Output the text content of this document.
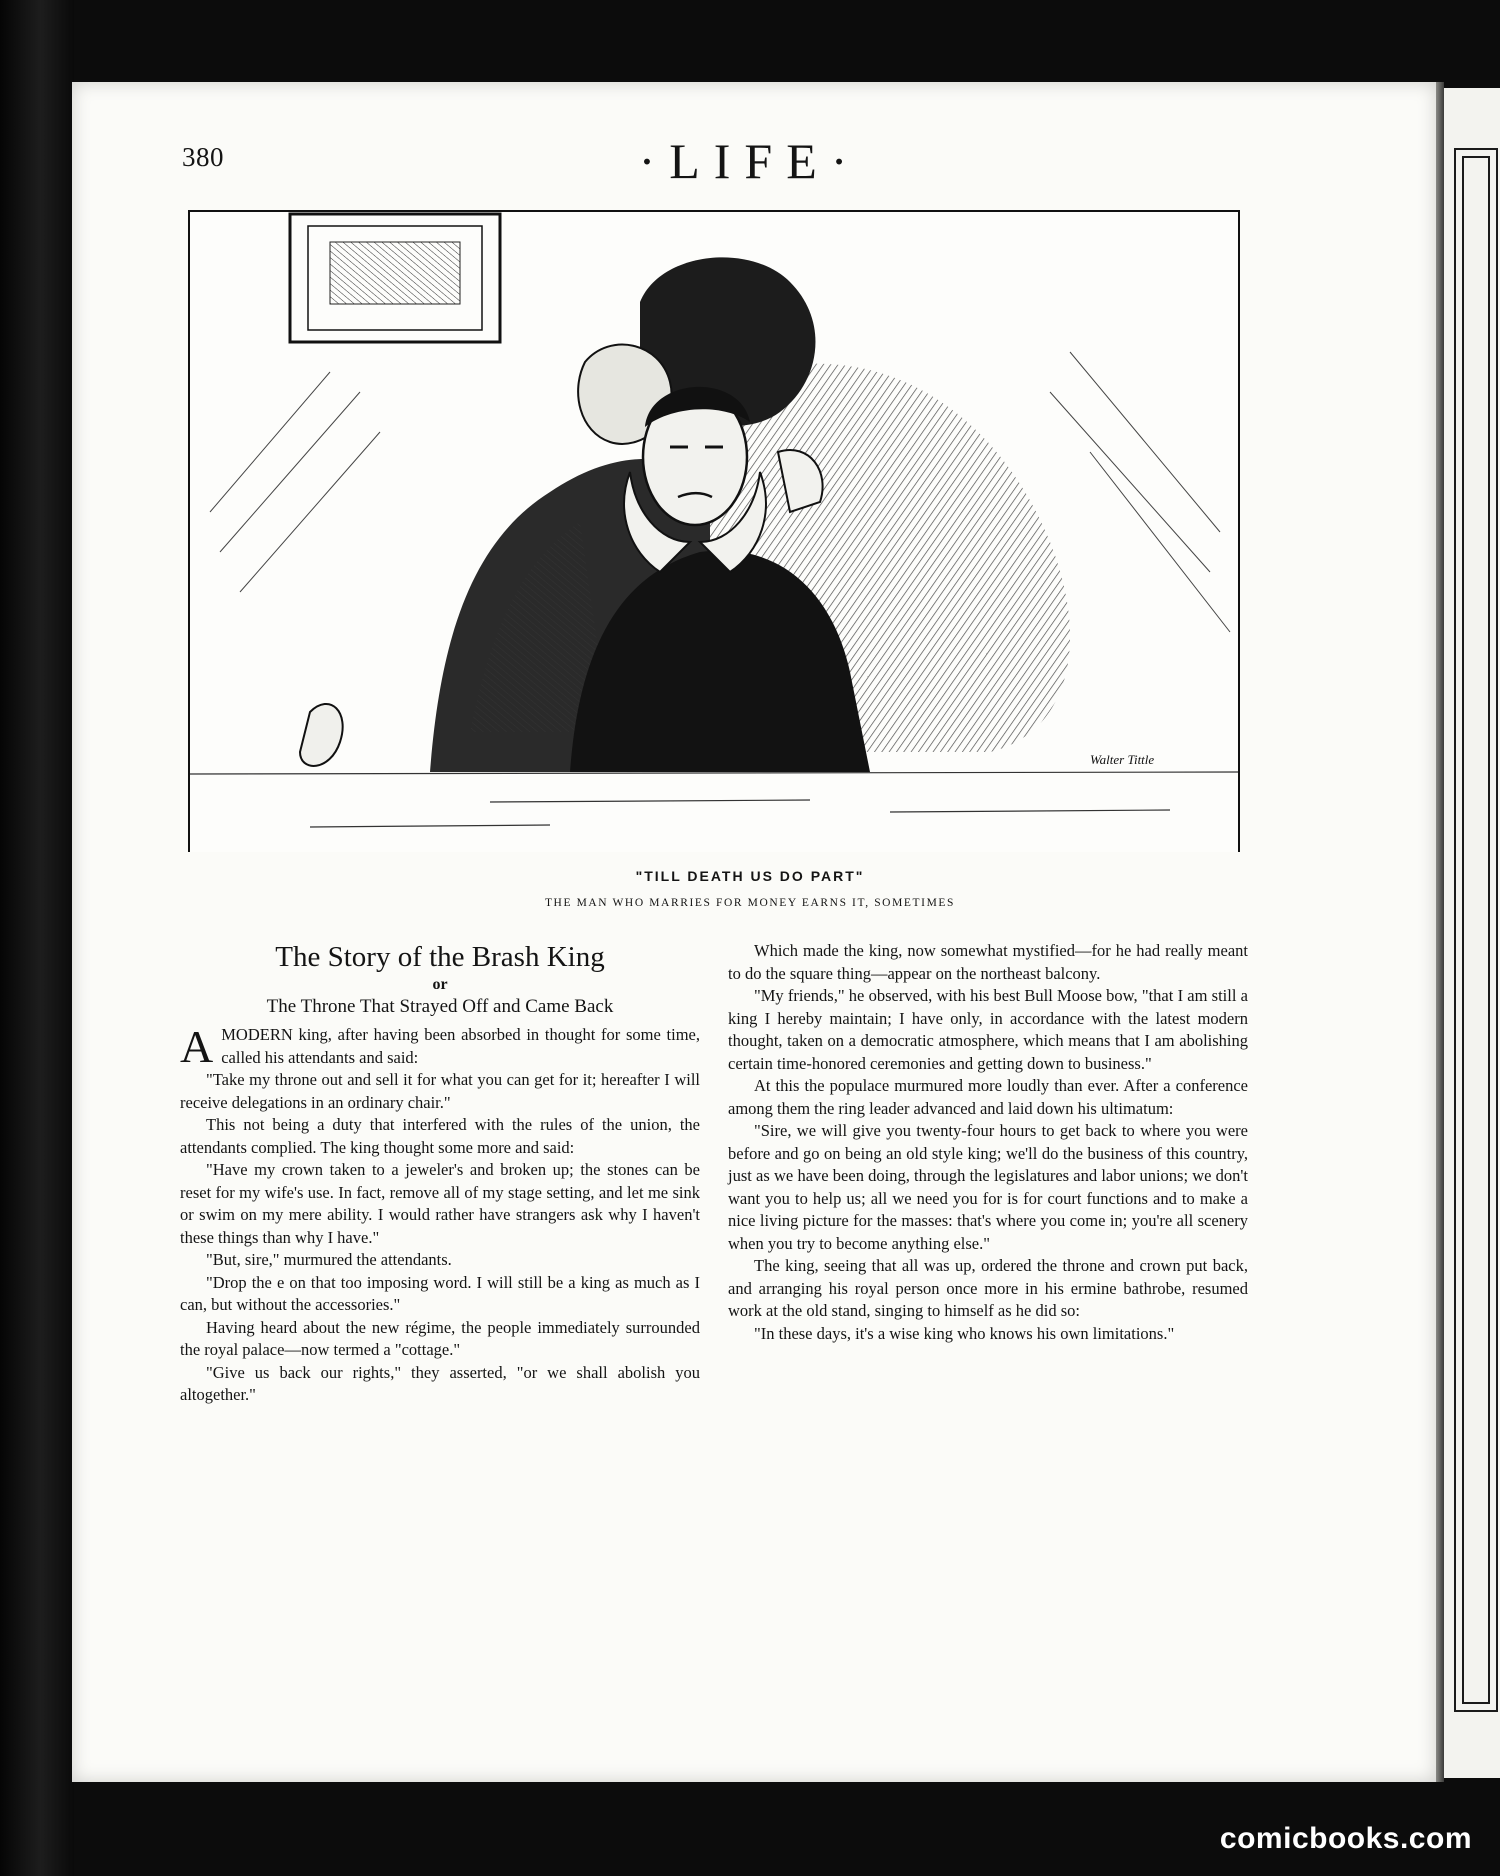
380	·LIFE·
Walter Tittle
"TILL DEATH US DO PART"
THE MAN WHO MARRIES FOR MONEY EARNS IT, SOMETIMES
The Story of the Brash King
or
The Throne That Strayed Off and Came Back

AMODERN king, after having been absorbed in thought for some time, called his attendants and said:

"Take my throne out and sell it for what you can get for it; hereafter I will receive delegations in an ordinary chair."

This not being a duty that interfered with the rules of the union, the attendants complied. The king thought some more and said:

"Have my crown taken to a jeweler's and broken up; the stones can be reset for my wife's use. In fact, remove all of my stage setting, and let me sink or swim on my mere ability. I would rather have strangers ask why I haven't these things than why I have."

"But, sire," murmured the attendants.

"Drop the e on that too imposing word. I will still be a king as much as I can, but without the accessories."

Having heard about the new régime, the people immediately surrounded the royal palace—now termed a "cottage."

"Give us back our rights," they asserted, "or we shall abolish you altogether."

Which made the king, now somewhat mystified—for he had really meant to do the square thing—appear on the northeast balcony.

"My friends," he observed, with his best Bull Moose bow, "that I am still a king I hereby maintain; I have only, in accordance with the latest modern thought, taken on a democratic atmosphere, which means that I am abolishing certain time-honored ceremonies and getting down to business."

At this the populace murmured more loudly than ever. After a conference among them the ring leader advanced and laid down his ultimatum:

"Sire, we will give you twenty-four hours to get back to where you were before and go on being an old style king; we'll do the business of this country, just as we have been doing, through the legislatures and labor unions; we don't want you to help us; all we need you for is for court functions and to make a nice living picture for the masses: that's where you come in; you're all scenery when you try to become anything else."

The king, seeing that all was up, ordered the throne and crown put back, and arranging his royal person once more in his ermine bathrobe, resumed work at the old stand, singing to himself as he did so:

"In these days, it's a wise king who knows his own limitations."

comicbooks.com
